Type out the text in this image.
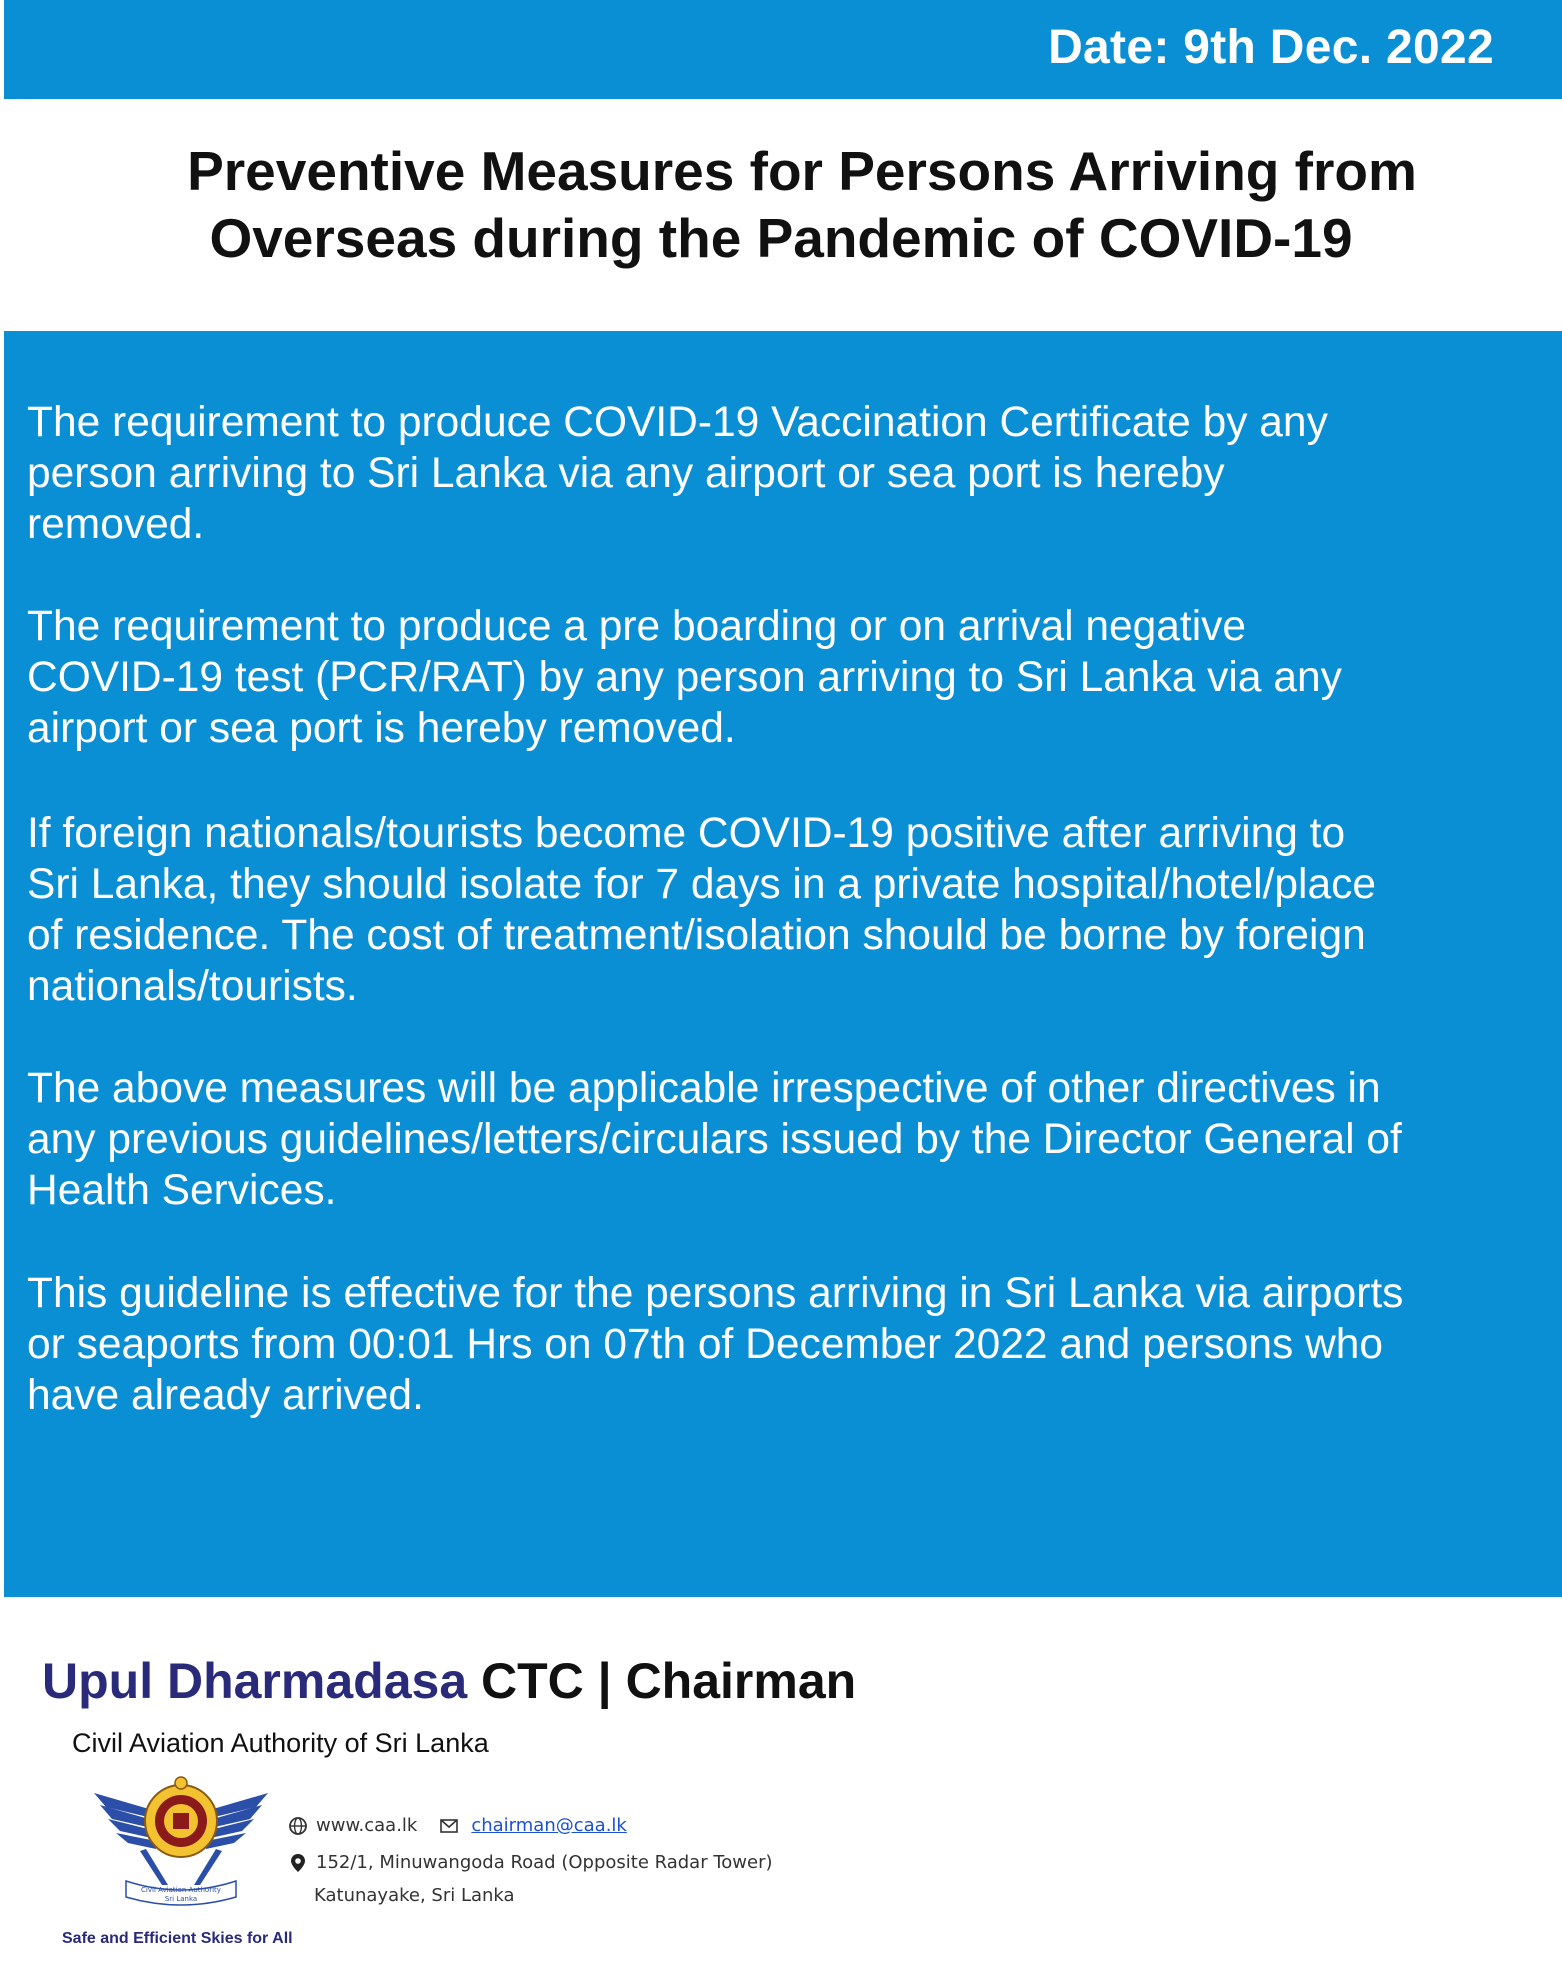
Date: 9th Dec. 2022
Preventive Measures for Persons Arriving from
Overseas during the Pandemic of COVID-19
The requirement to produce COVID-19 Vaccination Certificate by any
person arriving to Sri Lanka via any airport or sea port is hereby
removed.
The requirement to produce a pre boarding or on arrival negative
COVID-19 test (PCR/RAT) by any person arriving to Sri Lanka via any
airport or sea port is hereby removed.
If foreign nationals/tourists become COVID-19 positive after arriving to
Sri Lanka, they should isolate for 7 days in a private hospital/hotel/place
of residence. The cost of treatment/isolation should be borne by foreign
nationals/tourists.
The above measures will be applicable irrespective of other directives in
any previous guidelines/letters/circulars issued by the Director General of
Health Services.
This guideline is effective for the persons arriving in Sri Lanka via airports
or seaports from 00:01 Hrs on 07th of December 2022 and persons who
have already arrived.
Upul Dharmadasa CTC | Chairman
Civil Aviation Authority of Sri Lanka
Civil Aviation Authority
Sri Lanka
www.caa.lk	chairman@caa.lk
152/1, Minuwangoda Road (Opposite Radar Tower)
Katunayake, Sri Lanka
Safe and Efficient Skies for All
